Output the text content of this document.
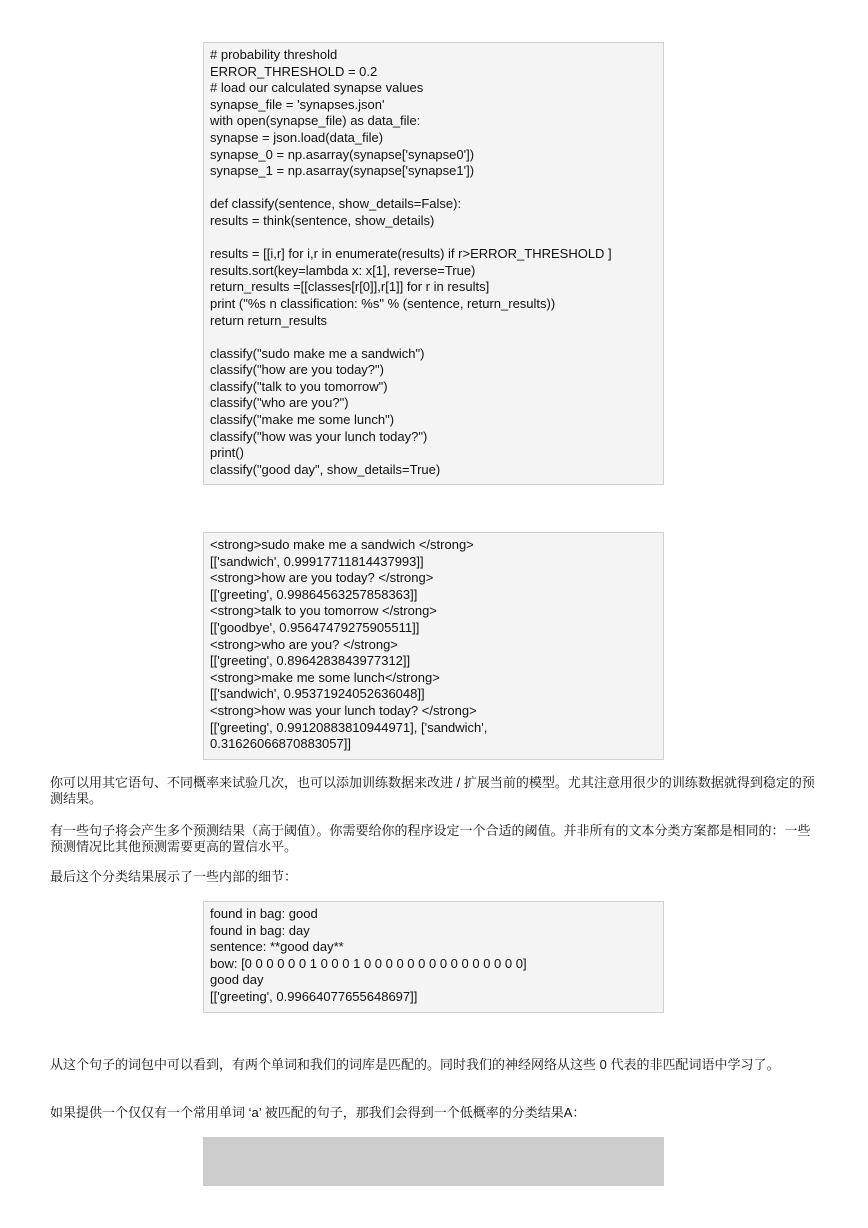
# probability threshold
ERROR_THRESHOLD = 0.2
# load our calculated synapse values
synapse_file = 'synapses.json'
with open(synapse_file) as data_file:
synapse = json.load(data_file)
synapse_0 = np.asarray(synapse['synapse0'])
synapse_1 = np.asarray(synapse['synapse1'])
def classify(sentence, show_details=False):
results = think(sentence, show_details)
results = [[i,r] for i,r in enumerate(results) if r>ERROR_THRESHOLD ]
results.sort(key=lambda x: x[1], reverse=True)
return_results =[[classes[r[0]],r[1]] for r in results]
print ("%s n classification: %s" % (sentence, return_results))
return return_results
classify("sudo make me a sandwich")
classify("how are you today?")
classify("talk to you tomorrow")
classify("who are you?")
classify("make me some lunch")
classify("how was your lunch today?")
print()
classify("good day", show_details=True)
<strong>sudo make me a sandwich </strong>
[['sandwich', 0.99917711814437993]]
<strong>how are you today? </strong>
[['greeting', 0.99864563257858363]]
<strong>talk to you tomorrow </strong>
[['goodbye', 0.95647479275905511]]
<strong>who are you? </strong>
[['greeting', 0.8964283843977312]]
<strong>make me some lunch</strong>
[['sandwich', 0.95371924052636048]]
<strong>how was your lunch today? </strong>
[['greeting', 0.99120883810944971], ['sandwich',
0.31626066870883057]]

你可以用其它语句、不同概率来试验几次，也可以添加训练数据来改进 / 扩展当前的模型。尤其注意用很少的训练数据就得到稳定的预测结果。

有一些句子将会产生多个预测结果（高于阈值）。你需要给你的程序设定一个合适的阈值。并非所有的文本分类方案都是相同的：一些预测情况比其他预测需要更高的置信水平。

最后这个分类结果展示了一些内部的细节：

found in bag: good
found in bag: day
sentence: **good day**
bow: [0 0 0 0 0 0 1 0 0 0 1 0 0 0 0 0 0 0 0 0 0 0 0 0 0 0]
good day
[['greeting', 0.99664077655648697]]

从这个句子的词包中可以看到，有两个单词和我们的词库是匹配的。同时我们的神经网络从这些 0 代表的非匹配词语中学习了。

如果提供一个仅仅有一个常用单词 ‘a’ 被匹配的句子，那我们会得到一个低概率的分类结果A：
